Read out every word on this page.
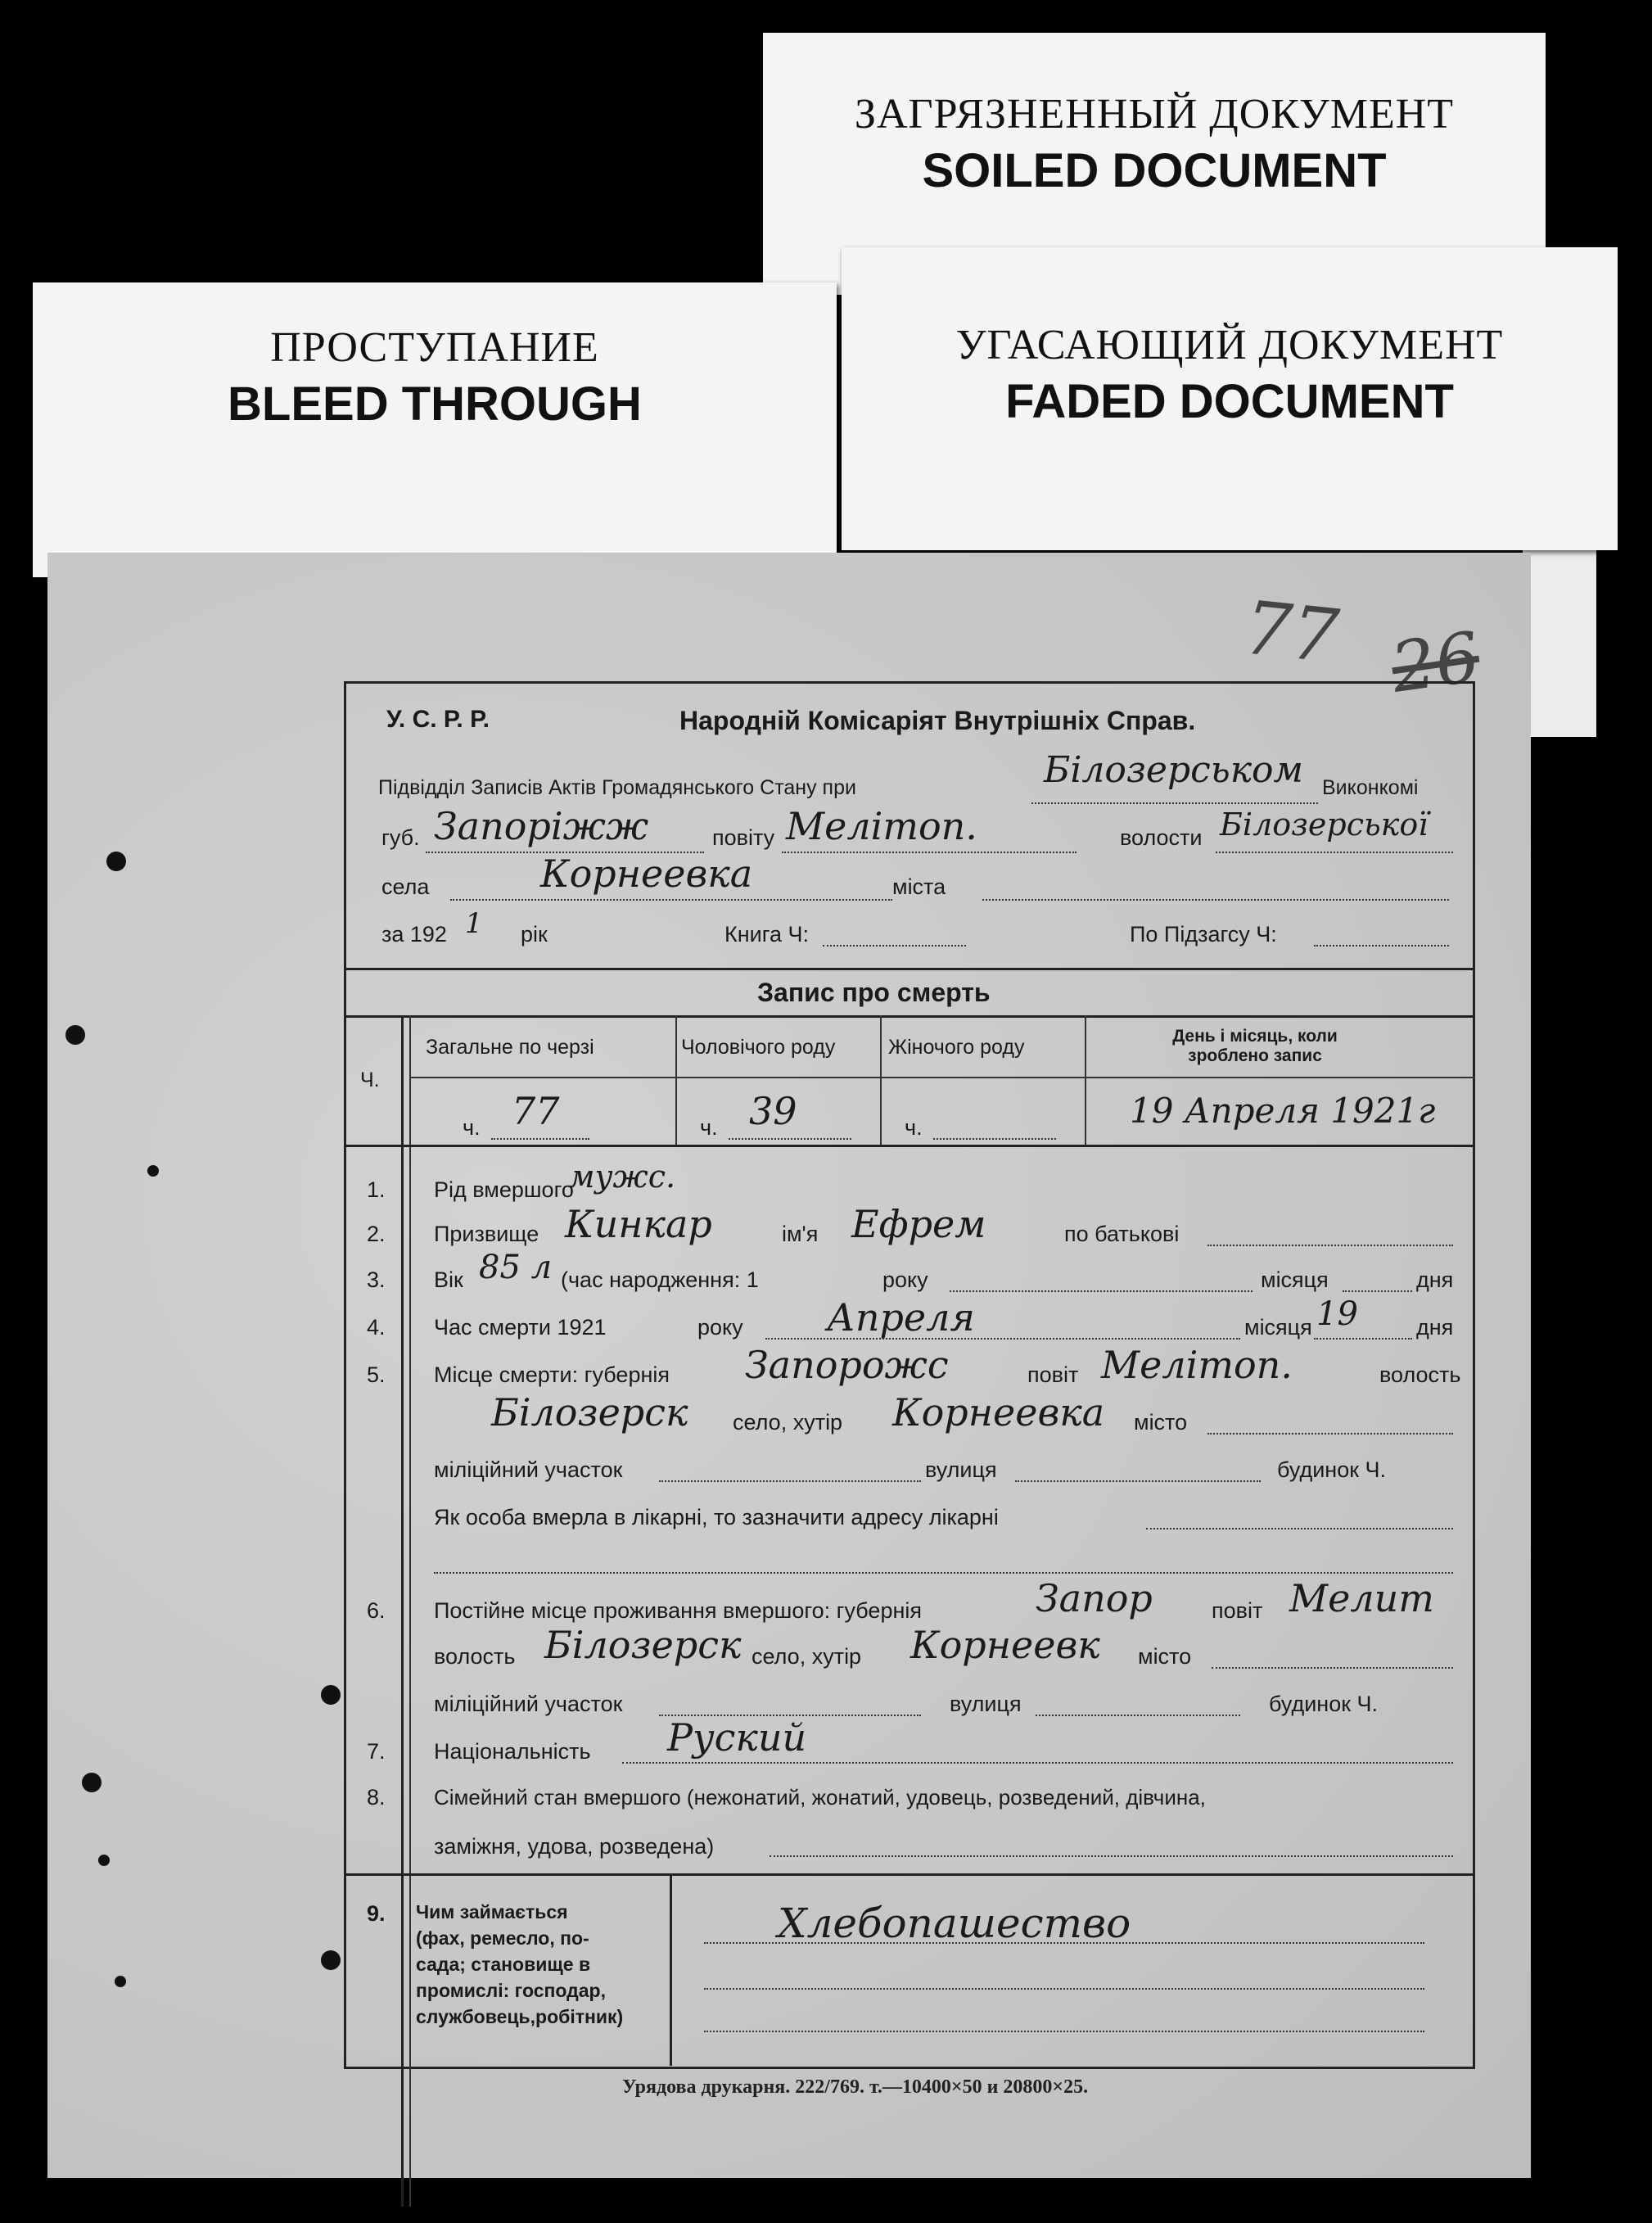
ЗАГРЯЗНЕННЫЙ ДОКУМЕНТ
SOILED DOCUMENT
ПРОСТУПАНИЕ
BLEED THROUGH
УГАСАЮЩИЙ ДОКУМЕНТ
FADED DOCUMENT
77 26
У. С. Р. Р.	Народній Комісаріят Внутрішніх Справ.
Підвідділ Записів Актів Громадянського Стану при	Білозерськом Виконкомі
губ. Запоріжж	повіту Мелітоп.	волости Білозерської
села	Корнеевка	міста
за 192 1 рік	Книга Ч:	По Підзагсу Ч:
Запис про смерть
Ч.
Загальне по черзі	Чоловічого роду	Жіночого роду	День і місяць, коли зроблено запис
ч. 77	ч. 39	ч.	19 Апреля 1921г
1. Рід вмершого
мужс.
2. Призвище Кинкар	ім'я Ефрем	по батькові
3. Вік 85 л (час народження: 1	року	місяця	дня
4. Час смерти 1921	року Апреля	місяця 19	дня
5. Місце смерти: губернія Запорожс	повіт Мелітоп.	волость
Білозерск село, хутір Корнеевка місто
міліційний участок	вулиця	будинок Ч.
Як особа вмерла в лікарні, то зазначити адресу лікарні
6. Постійне місце проживання вмершого: губернія	Запор	повіт Мелит
волость Білозерск село, хутір Корнеевк місто
міліційний участок	вулиця	будинок Ч.
7. Національність Руский
8. Сімейний стан вмершого (нежонатий, жонатий, удовець, розведений, дівчина,
заміжня, удова, розведена)
9. Чим займається
(фах, ремесло, по-
сада; становище в
промислі: господар,
службовець,робітник)
Хлебопашество
Урядова друкарня. 222/769. т.—10400×50 и 20800×25.
